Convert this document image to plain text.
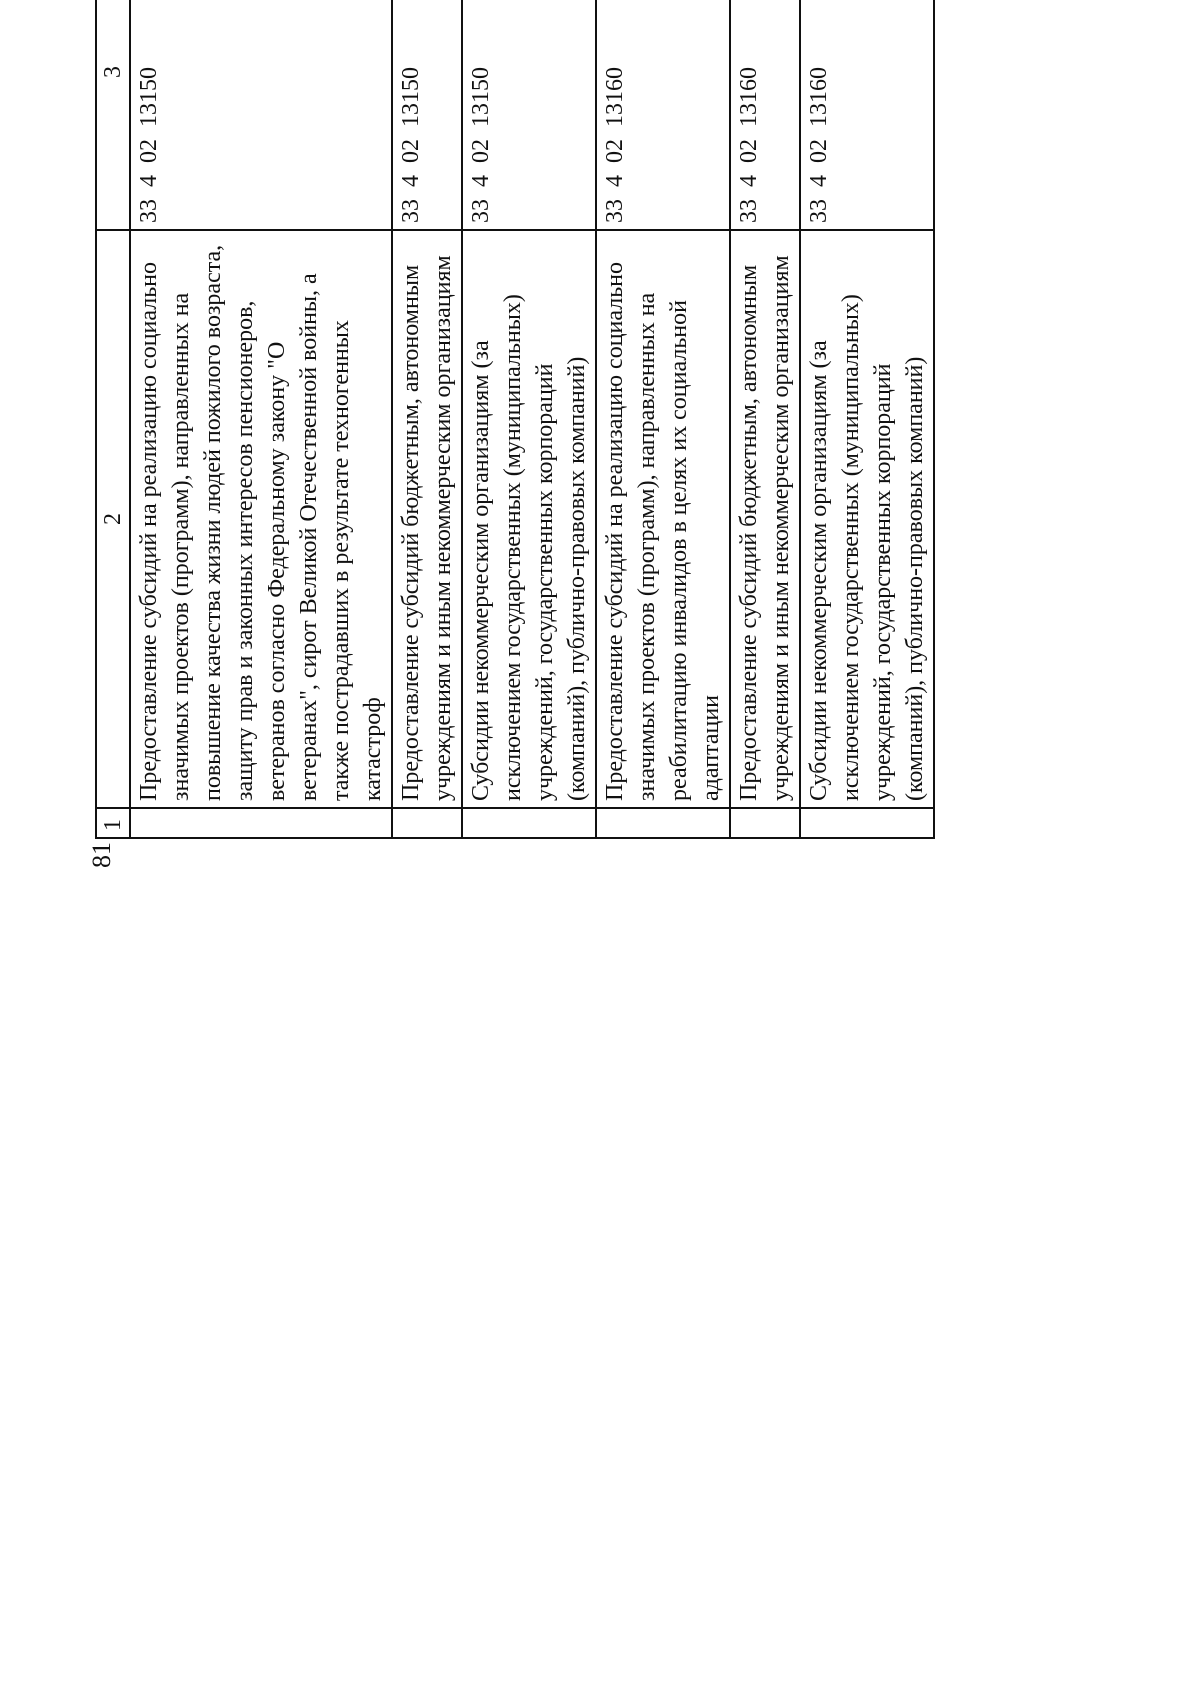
81
1	2	3		
	Предоставление субсидий на реализацию социально значимых проектов (программ), направленных на повышение качества жизни людей пожилого возраста, защиту прав и законных интересов пенсионеров, ветеранов согласно Федеральному закону "О ветеранах", сирот Великой Отечественной войны, а также пострадавших в результате техногенных катастроф	33  4  02  13150		
	Предоставление субсидий бюджетным, автономным учреждениям и иным некоммерческим организациям	33  4  02  13150		
	Субсидии некоммерческим организациям (за исключением государственных (муниципальных) учреждений, государственных корпораций (компаний), публично-правовых компаний)	33  4  02  13150		
	Предоставление субсидий на реализацию социально значимых проектов (программ), направленных на реабилитацию инвалидов в целях их социальной адаптации	33  4  02  13160		
	Предоставление субсидий бюджетным, автономным учреждениям и иным некоммерческим организациям	33  4  02  13160		
	Субсидии некоммерческим организациям (за исключением государственных (муниципальных) учреждений, государственных корпораций (компаний), публично-правовых компаний)	33  4  02  13160		
